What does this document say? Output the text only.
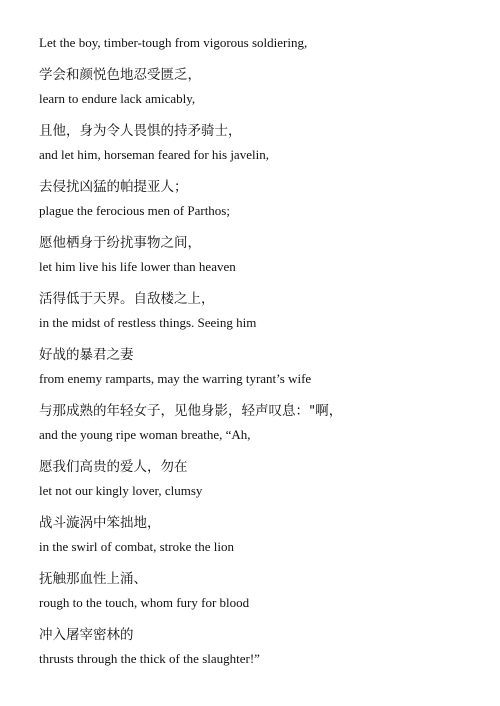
Let the boy, timber-tough from vigorous soldiering,
学会和颜悦色地忍受匮乏，
learn to endure lack amicably,
且他，身为令人畏惧的持矛骑士，
and let him, horseman feared for his javelin,
去侵扰凶猛的帕提亚人；
plague the ferocious men of Parthos;
愿他栖身于纷扰事物之间，
let him live his life lower than heaven
活得低于天界。自敌楼之上，
in the midst of restless things. Seeing him
好战的暴君之妻
from enemy ramparts, may the warring tyrant’s wife
与那成熟的年轻女子，见他身影，轻声叹息："啊，
and the young ripe woman breathe, “Ah,
愿我们高贵的爱人，勿在
let not our kingly lover, clumsy
战斗漩涡中笨拙地，
in the swirl of combat, stroke the lion
抚触那血性上涌、
rough to the touch, whom fury for blood
冲入屠宰密林的
thrusts through the thick of the slaughter!”
